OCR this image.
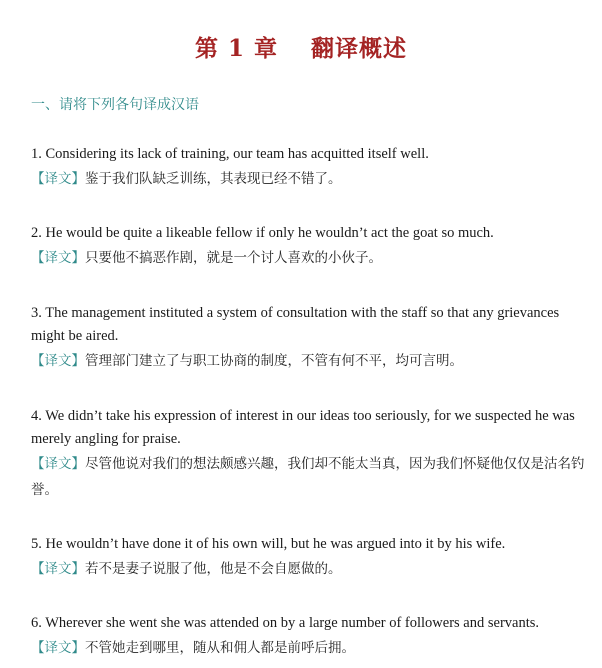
第 1 章　 翻译概述
一、请将下列各句译成汉语

1. Considering its lack of training, our team has acquitted itself well.

【译文】鉴于我们队缺乏训练，其表现已经不错了。

2. He would be quite a likeable fellow if only he wouldn’t act the goat so much.

【译文】只要他不搞恶作剧，就是一个讨人喜欢的小伙子。

3. The management instituted a system of consultation with the staff so that any grievances might be aired.

【译文】管理部门建立了与职工协商的制度，不管有何不平，均可言明。

4. We didn’t take his expression of interest in our ideas too seriously, for we suspected he was merely angling for praise.

【译文】尽管他说对我们的想法颇感兴趣，我们却不能太当真，因为我们怀疑他仅仅是沽名钓誉。

5. He wouldn’t have done it of his own will, but he was argued into it by his wife.

【译文】若不是妻子说服了他，他是不会自愿做的。

6. Wherever she went she was attended on by a large number of followers and servants.

【译文】不管她走到哪里，随从和佣人都是前呼后拥。
